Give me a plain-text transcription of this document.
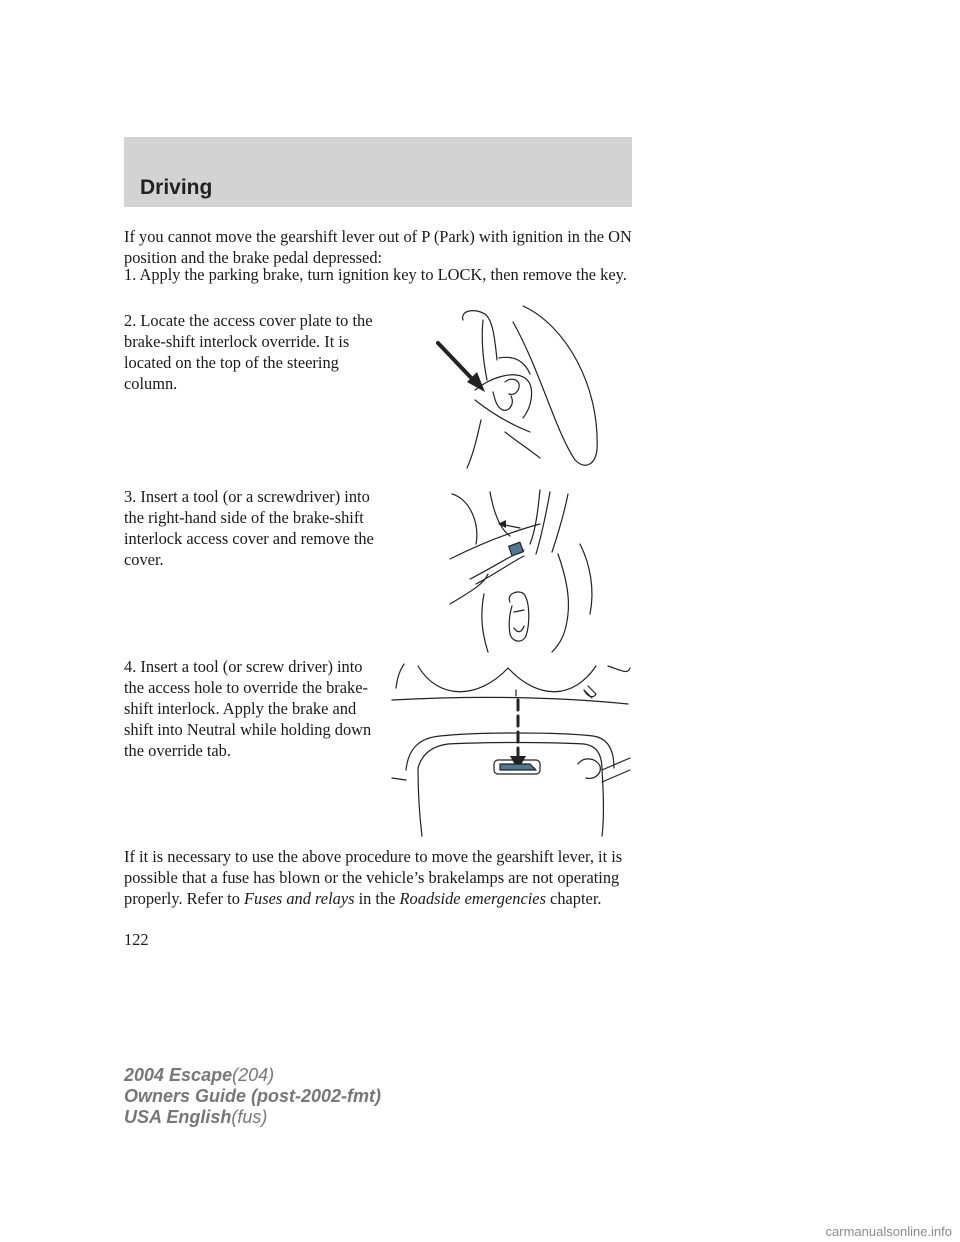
Driving

If you cannot move the gearshift lever out of P (Park) with ignition in the ON position and the brake pedal depressed:

1. Apply the parking brake, turn ignition key to LOCK, then remove the key.

2. Locate the access cover plate to the brake-shift interlock override. It is located on the top of the steering column.

3. Insert a tool (or a screwdriver) into the right-hand side of the brake-shift interlock access cover and remove the cover.

4. Insert a tool (or screw driver) into the access hole to override the brake-shift interlock. Apply the brake and shift into Neutral while holding down the override tab.

If it is necessary to use the above procedure to move the gearshift lever, it is possible that a fuse has blown or the vehicle’s brakelamps are not operating properly. Refer to Fuses and relays in the Roadside emergencies chapter.

122
2004 Escape(204)
Owners Guide (post-2002-fmt)
USA English(fus)
carmanualsonline.info
